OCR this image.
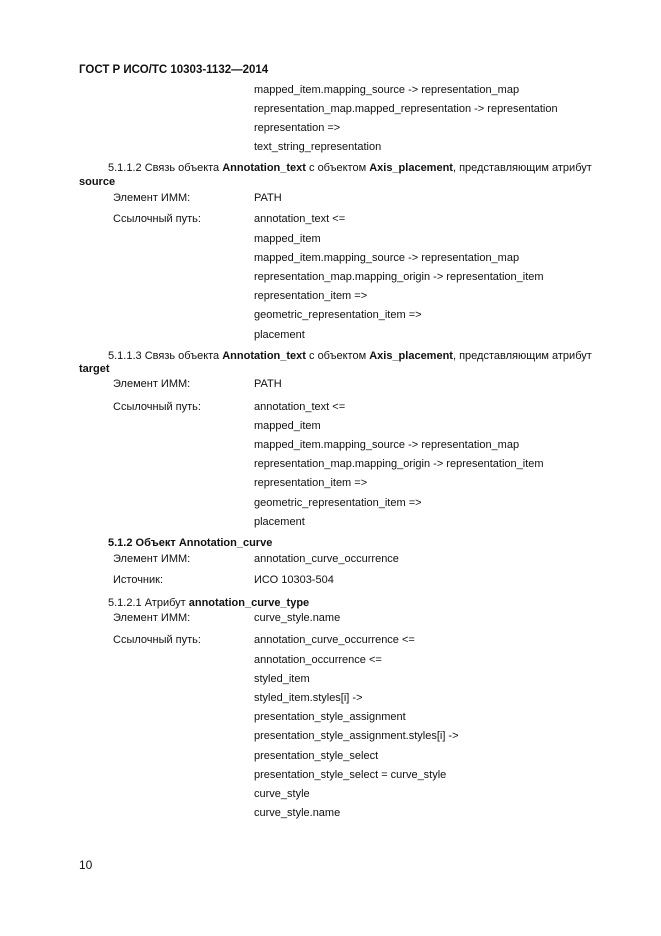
ГОСТ Р ИСО/ТС 10303-1132—2014
mapped_item.mapping_source -> representation_map
representation_map.mapped_representation -> representation
representation =>
text_string_representation
5.1.1.2 Связь объекта Annotation_text с объектом Axis_placement, представляющим атрибут
source
Элемент ИММ:	PATH
Ссылочный путь:	annotation_text <=
mapped_item
mapped_item.mapping_source -> representation_map
representation_map.mapping_origin -> representation_item
representation_item =>
geometric_representation_item =>
placement
5.1.1.3 Связь объекта Annotation_text с объектом Axis_placement, представляющим атрибут
target
Элемент ИММ:	PATH
Ссылочный путь:	annotation_text <=
mapped_item
mapped_item.mapping_source -> representation_map
representation_map.mapping_origin -> representation_item
representation_item =>
geometric_representation_item =>
placement
5.1.2 Объект Annotation_curve
Элемент ИММ:	annotation_curve_occurrence
Источник:	ИСО 10303-504
5.1.2.1 Атрибут annotation_curve_type
Элемент ИММ:	curve_style.name
Ссылочный путь:	annotation_curve_occurrence <=
annotation_occurrence <=
styled_item
styled_item.styles[i] ->
presentation_style_assignment
presentation_style_assignment.styles[i] ->
presentation_style_select
presentation_style_select = curve_style
curve_style
curve_style.name
10
